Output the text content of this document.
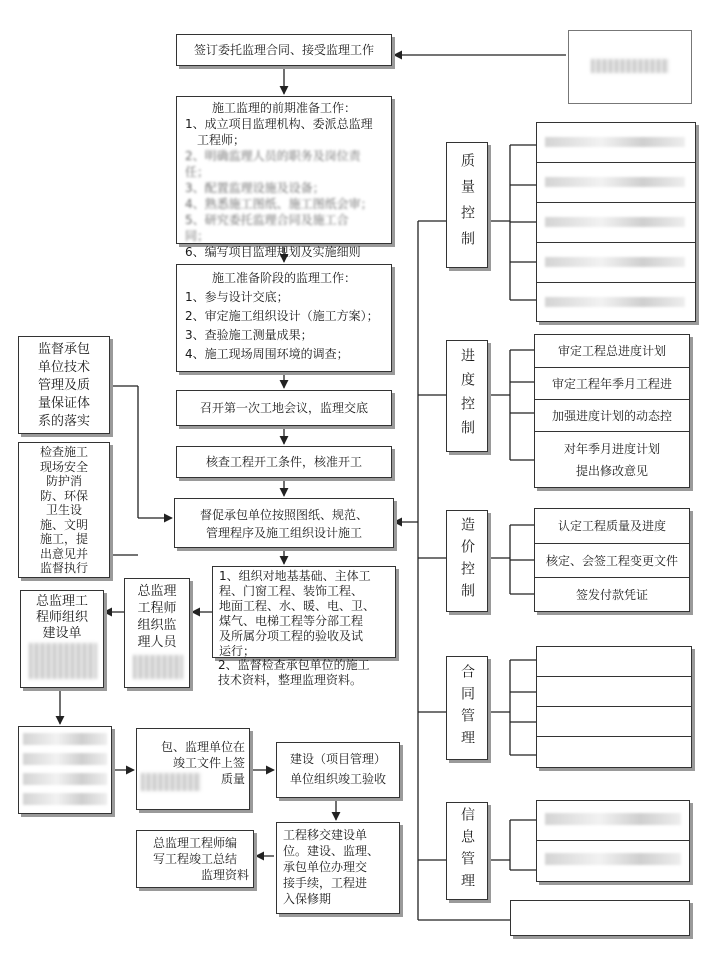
签订委托监理合同、接受监理工作
施工监理的前期准备工作：
1、成立项目监理机构、委派总监理
工程师；
2、明确监理人员的职务及岗位责
任；
3、配置监理设施及设备；
4、熟悉施工图纸、施工图纸会审；
5、研究委托监理合同及施工合
同；
6、编写项目监理规划及实施细则
施工准备阶段的监理工作：
1、参与设计交底；
2、审定施工组织设计（施工方案）；
3、查验施工测量成果；
4、施工现场周围环境的调查；
召开第一次工地会议，监理交底
核查工程开工条件，核准开工
督促承包单位按照图纸、规范、
管理程序及施工组织设计施工
1、组织对地基基础、主体工
程、门窗工程、装饰工程、
地面工程、水、暖、电、卫、
煤气、电梯工程等分部工程
及所属分项工程的验收及试
运行；
2、监督检查承包单位的施工
技术资料，整理监理资料。
监督承包
单位技术
管理及质
量保证体
系的落实
检查施工
现场安全
防护消
防、环保
卫生设
施、文明
施工，提
出意见并
监督执行
总监理
工程师
组织监
理人员
总监理工
程师组织
建设单
包、监理单位在
竣工文件上签
质量
建设（项目管理）
单位组织竣工验收
工程移交建设单
位。建设、监理、
承包单位办理交
接手续，工程进
入保修期
总监理工程师编
写工程竣工总结
监理资料
质量控制
进度控制
造价控制
合同管理
信息管理
审定工程总进度计划
审定工程年季月工程进
加强进度计划的动态控
对年季月进度计划
提出修改意见
认定工程质量及进度
核定、会签工程变更文件
签发付款凭证
